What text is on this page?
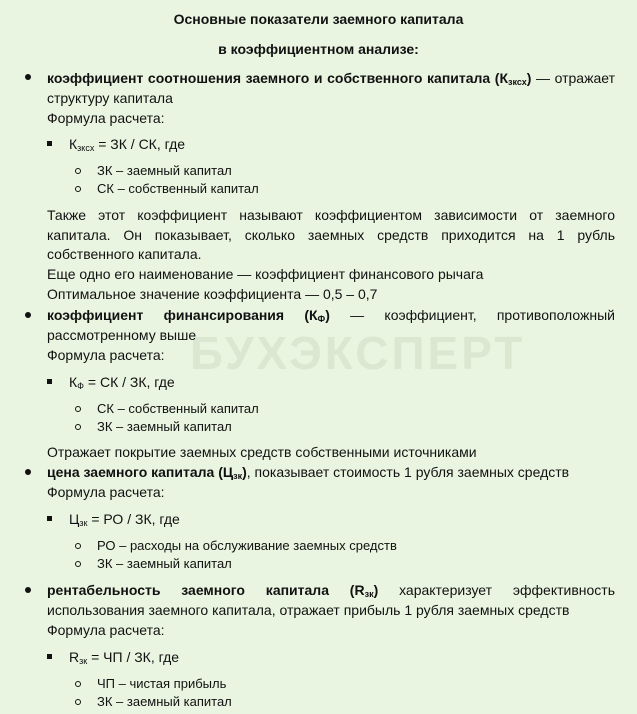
Основные показатели заемного капитала
в коэффициентном анализе:
БУХЭКСПЕРТ
коэффициент соотношения заемного и собственного капитала $(К_{зксх})$ — отражает
структуру капитала
Формула расчета:
$К_{зксх}$ = ЗК / СК, где
ЗК – заемный капитал
СК – собственный капитал
Также этот коэффициент называют коэффициентом зависимости от заемного
капитала. Он показывает, сколько заемных средств приходится на 1 рубль
собственного капитала.
Еще одно его наименование — коэффициент финансового рычага
Оптимальное значение коэффициента — 0,5 – 0,7
коэффициент финансирования $(К_Ф)$ — коэффициент, противоположный
рассмотренному выше
Формула расчета:
$К_Ф$ = СК / ЗК, где
СК – собственный капитал
ЗК – заемный капитал
Отражает покрытие заемных средств собственными источниками
цена заемного капитала $(Ц_{зк})$, показывает стоимость 1 рубля заемных средств
Формула расчета:
$Ц_{зк}$ = РО / ЗК, где
РО – расходы на обслуживание заемных средств
ЗК – заемный капитал
рентабельность заемного капитала $(R_{зк})$ характеризует эффективность
использования заемного капитала, отражает прибыль 1 рубля заемных средств
Формула расчета:
$R_{зк}$ = ЧП / ЗК, где
ЧП – чистая прибыль
ЗК – заемный капитал
